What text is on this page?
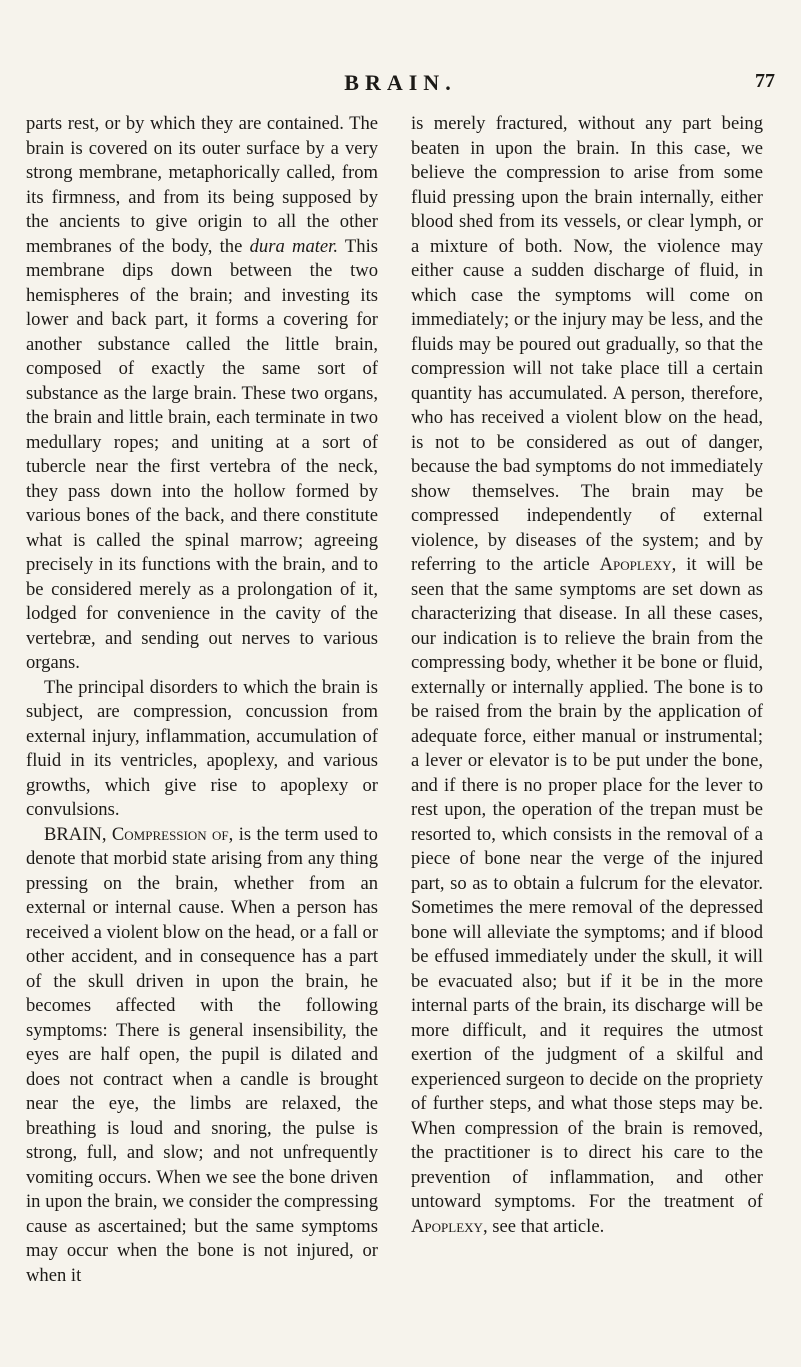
BRAIN.	77

parts rest, or by which they are contained. The brain is covered on its outer surface by a very strong membrane, metaphorically called, from its firmness, and from its being supposed by the ancients to give origin to all the other membranes of the body, the dura mater. This membrane dips down between the two hemispheres of the brain; and investing its lower and back part, it forms a covering for another substance called the little brain, composed of exactly the same sort of substance as the large brain. These two organs, the brain and little brain, each terminate in two medullary ropes; and uniting at a sort of tubercle near the first vertebra of the neck, they pass down into the hollow formed by various bones of the back, and there constitute what is called the spinal marrow; agreeing precisely in its functions with the brain, and to be considered merely as a prolongation of it, lodged for convenience in the cavity of the vertebræ, and sending out nerves to various organs.

The principal disorders to which the brain is subject, are compression, concussion from external injury, inflammation, accumulation of fluid in its ventricles, apoplexy, and various growths, which give rise to apoplexy or convulsions.

BRAIN, Compression of, is the term used to denote that morbid state arising from any thing pressing on the brain, whether from an external or internal cause. When a person has received a violent blow on the head, or a fall or other accident, and in consequence has a part of the skull driven in upon the brain, he becomes affected with the following symptoms: There is general insensibility, the eyes are half open, the pupil is dilated and does not contract when a candle is brought near the eye, the limbs are relaxed, the breathing is loud and snoring, the pulse is strong, full, and slow; and not unfrequently vomiting occurs. When we see the bone driven in upon the brain, we consider the compressing cause as ascertained; but the same symptoms may occur when the bone is not injured, or when it

is merely fractured, without any part being beaten in upon the brain. In this case, we believe the compression to arise from some fluid pressing upon the brain internally, either blood shed from its vessels, or clear lymph, or a mixture of both. Now, the violence may either cause a sudden discharge of fluid, in which case the symptoms will come on immediately; or the injury may be less, and the fluids may be poured out gradually, so that the compression will not take place till a certain quantity has accumulated. A person, therefore, who has received a violent blow on the head, is not to be considered as out of danger, because the bad symptoms do not immediately show themselves. The brain may be compressed independently of external violence, by diseases of the system; and by referring to the article Apoplexy, it will be seen that the same symptoms are set down as characterizing that disease. In all these cases, our indication is to relieve the brain from the compressing body, whether it be bone or fluid, externally or internally applied. The bone is to be raised from the brain by the application of adequate force, either manual or instrumental; a lever or elevator is to be put under the bone, and if there is no proper place for the lever to rest upon, the operation of the trepan must be resorted to, which consists in the removal of a piece of bone near the verge of the injured part, so as to obtain a fulcrum for the elevator. Sometimes the mere removal of the depressed bone will alleviate the symptoms; and if blood be effused immediately under the skull, it will be evacuated also; but if it be in the more internal parts of the brain, its discharge will be more difficult, and it requires the utmost exertion of the judgment of a skilful and experienced surgeon to decide on the propriety of further steps, and what those steps may be. When compression of the brain is removed, the practitioner is to direct his care to the prevention of inflammation, and other untoward symptoms. For the treatment of Apoplexy, see that article.
